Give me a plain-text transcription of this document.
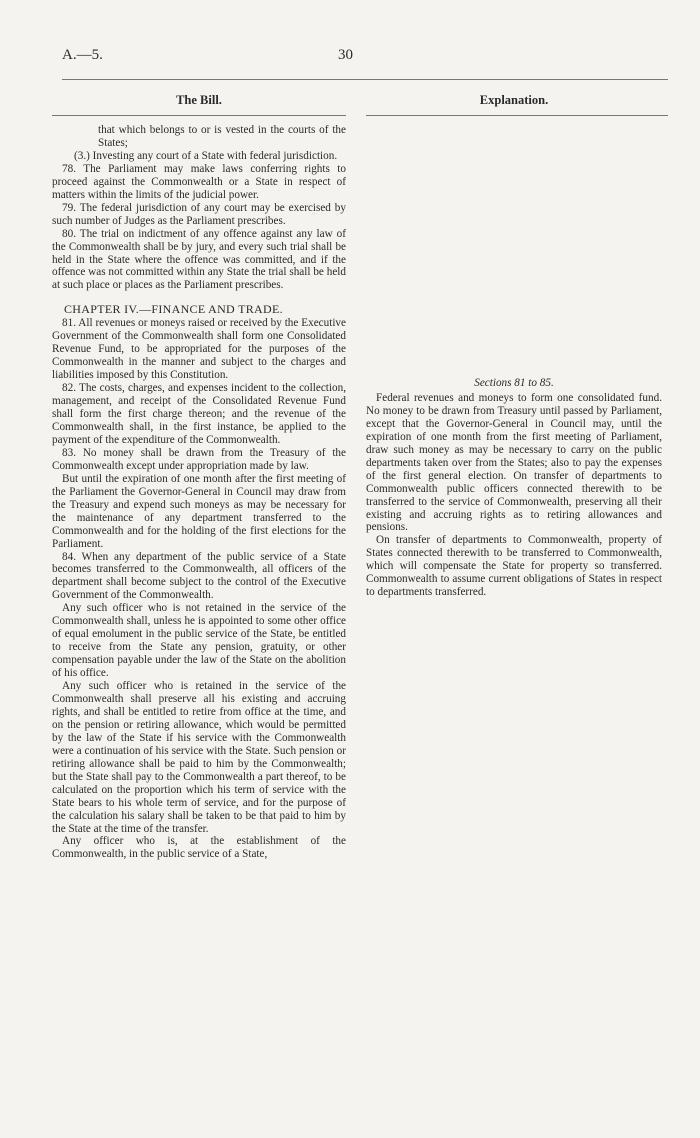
A.—5.	30
The Bill.	Explanation.

that which belongs to or is vested in the courts of the States;

(3.) Investing any court of a State with federal jurisdiction.

78. The Parliament may make laws conferring rights to proceed against the Commonwealth or a State in respect of matters within the limits of the judicial power.

79. The federal jurisdiction of any court may be exercised by such number of Judges as the Parliament prescribes.

80. The trial on indictment of any offence against any law of the Commonwealth shall be by jury, and every such trial shall be held in the State where the offence was committed, and if the offence was not committed within any State the trial shall be held at such place or places as the Parliament prescribes.

CHAPTER IV.—FINANCE AND TRADE.

81. All revenues or moneys raised or received by the Executive Government of the Commonwealth shall form one Consolidated Revenue Fund, to be appropriated for the purposes of the Commonwealth in the manner and subject to the charges and liabilities imposed by this Constitution.

82. The costs, charges, and expenses incident to the collection, management, and receipt of the Consolidated Revenue Fund shall form the first charge thereon; and the revenue of the Commonwealth shall, in the first instance, be applied to the payment of the expenditure of the Commonwealth.

83. No money shall be drawn from the Treasury of the Commonwealth except under appropriation made by law.

But until the expiration of one month after the first meeting of the Parliament the Governor-General in Council may draw from the Treasury and expend such moneys as may be necessary for the maintenance of any department transferred to the Commonwealth and for the holding of the first elections for the Parliament.

84. When any department of the public service of a State becomes transferred to the Commonwealth, all officers of the department shall become subject to the control of the Executive Government of the Commonwealth.

Any such officer who is not retained in the service of the Commonwealth shall, unless he is appointed to some other office of equal emolument in the public service of the State, be entitled to receive from the State any pension, gratuity, or other compensation payable under the law of the State on the abolition of his office.

Any such officer who is retained in the service of the Commonwealth shall preserve all his existing and accruing rights, and shall be entitled to retire from office at the time, and on the pension or retiring allowance, which would be permitted by the law of the State if his service with the Commonwealth were a continuation of his service with the State. Such pension or retiring allowance shall be paid to him by the Commonwealth; but the State shall pay to the Commonwealth a part thereof, to be calculated on the proportion which his term of service with the State bears to his whole term of service, and for the purpose of the calculation his salary shall be taken to be that paid to him by the State at the time of the transfer.

Any officer who is, at the establishment of the Commonwealth, in the public service of a State,

Sections 81 to 85.

Federal revenues and moneys to form one consolidated fund. No money to be drawn from Treasury until passed by Parliament, except that the Governor-General in Council may, until the expiration of one month from the first meeting of Parliament, draw such money as may be necessary to carry on the public departments taken over from the States; also to pay the expenses of the first general election. On transfer of departments to Commonwealth public officers connected therewith to be transferred to the service of Commonwealth, preserving all their existing and accruing rights as to retiring allowances and pensions.

On transfer of departments to Commonwealth, property of States connected therewith to be transferred to Commonwealth, which will compensate the State for property so transferred. Commonwealth to assume current obligations of States in respect to departments transferred.
